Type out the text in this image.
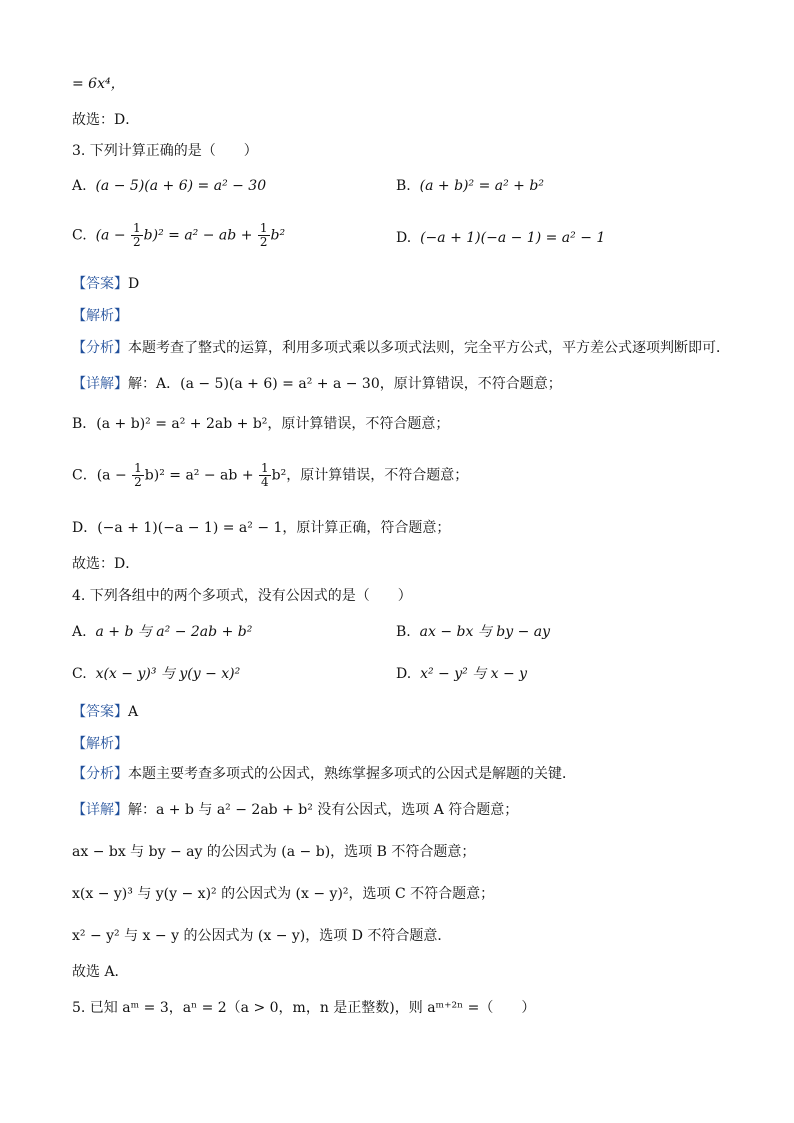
= 6x⁴，
故选：D．
3. 下列计算正确的是（　　）
A. (a − 5)(a + 6) = a² − 30	B. (a + b)² = a² + b²
C. $(a - \frac{1}{2} b)^2 = a^2$ − ab + $\frac{1}{2} b^2$	D. (−a + 1)(−a − 1) = a² − 1
【答案】D
【解析】
【分析】本题考查了整式的运算，利用多项式乘以多项式法则，完全平方公式，平方差公式逐项判断即可．
【详解】解：A．(a − 5)(a + 6) = a² + a − 30，原计算错误，不符合题意；
B．(a + b)² = a² + 2ab + b²，原计算错误，不符合题意；
C．$(a - \frac{1}{2} b)^2 = a^2$ − ab + $\frac{1}{4} b^2$，原计算错误，不符合题意；
D．(−a + 1)(−a − 1) = a² − 1，原计算正确，符合题意；
故选：D．
4. 下列各组中的两个多项式，没有公因式的是（　　）
A. a + b 与 a² − 2ab + b²	B. ax − bx 与 by − ay
C. x(x − y)³ 与 y(y − x)²	D. x² − y² 与 x − y
【答案】A
【解析】
【分析】本题主要考查多项式的公因式，熟练掌握多项式的公因式是解题的关键．
【详解】解：a + b 与 a² − 2ab + b² 没有公因式，选项 A 符合题意；
ax − bx 与 by − ay 的公因式为 (a − b)，选项 B 不符合题意；
x(x − y)³ 与 y(y − x)² 的公因式为 (x − y)²，选项 C 不符合题意；
x² − y² 与 x − y 的公因式为 (x − y)，选项 D 不符合题意．
故选 A．
5. 已知 aᵐ = 3，aⁿ = 2（a > 0，m，n 是正整数)，则 aᵐ⁺²ⁿ =（　　）
